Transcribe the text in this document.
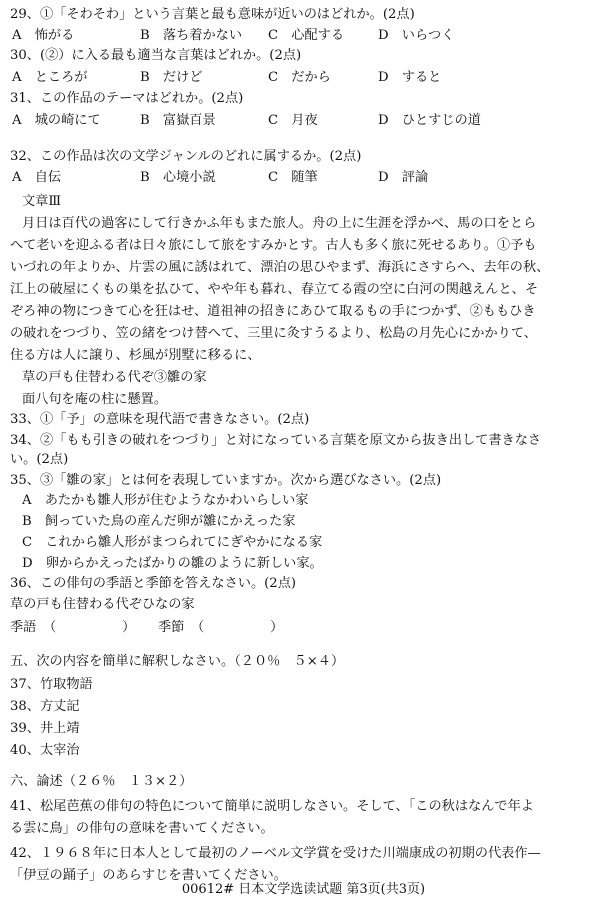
29、①「そわそわ」という言葉と最も意味が近いのはどれか。(2点)
A　怖がる	B　落ち着かない C　心配する	D　いらつく
30、(②）に入る最も適当な言葉はどれか。(2点)
A　ところが	B　だけど	C　だから	D　すると
31、この作品のテーマはどれか。(2点)
A　城の崎にて	B　富嶽百景	C　月夜	D　ひとすじの道
32、この作品は次の文学ジャンルのどれに属するか。(2点)
A　自伝	B　心境小説	C　随筆	D　評論
文章Ⅲ
月日は百代の過客にして行きかふ年もまた旅人。舟の上に生涯を浮かべ、馬の口をとら
へて老いを迎ふる者は日々旅にして旅をすみかとす。古人も多く旅に死せるあり。①予も
いづれの年よりか、片雲の風に誘はれて、漂泊の思ひやまず、海浜にさすらへ、去年の秋、
江上の破屋にくもの巣を払ひて、やや年も暮れ、春立てる霞の空に白河の関越えんと、そ
ぞろ神の物につきて心を狂はせ、道祖神の招きにあひて取るもの手につかず、②ももひき
の破れをつづり、笠の緒をつけ替へて、三里に灸すうるより、松島の月先心にかかりて、
住る方は人に譲り、杉風が別墅に移るに、
草の戸も住替わる代ぞ③雛の家
面八句を庵の柱に懸置。
33、①「予」の意味を現代語で書きなさい。(2点)
34、②「もも引きの破れをつづり」と対になっている言葉を原文から抜き出して書きなさ
い。(2点)
35、③「雛の家」とは何を表現していますか。次から選びなさい。(2点)
A　あたかも雛人形が住むようなかわいらしい家
B　飼っていた鳥の産んだ卵が雛にかえった家
C　これから雛人形がまつられてにぎやかになる家
D　卵からかえったばかりの雛のように新しい家。
36、この俳句の季語と季節を答えなさい。(2点)
草の戸も住替わる代ぞひなの家
季語　（　　　　　） 季節　（　　　　　）
五、次の内容を簡単に解釈しなさい。（２０％　５×４）
37、竹取物語
38、方丈記
39、井上靖
40、太宰治
六、論述（２６％　１３×２）
41、松尾芭蕉の俳句の特色について簡単に説明しなさい。そして、「この秋はなんで年よ
る雲に鳥」の俳句の意味を書いてください。
42、１９６８年に日本人として最初のノーベル文学賞を受けた川端康成の初期の代表作—
「伊豆の踊子」のあらすじを書いてください。
00612# 日本文学选读试题 第3页(共3页)
